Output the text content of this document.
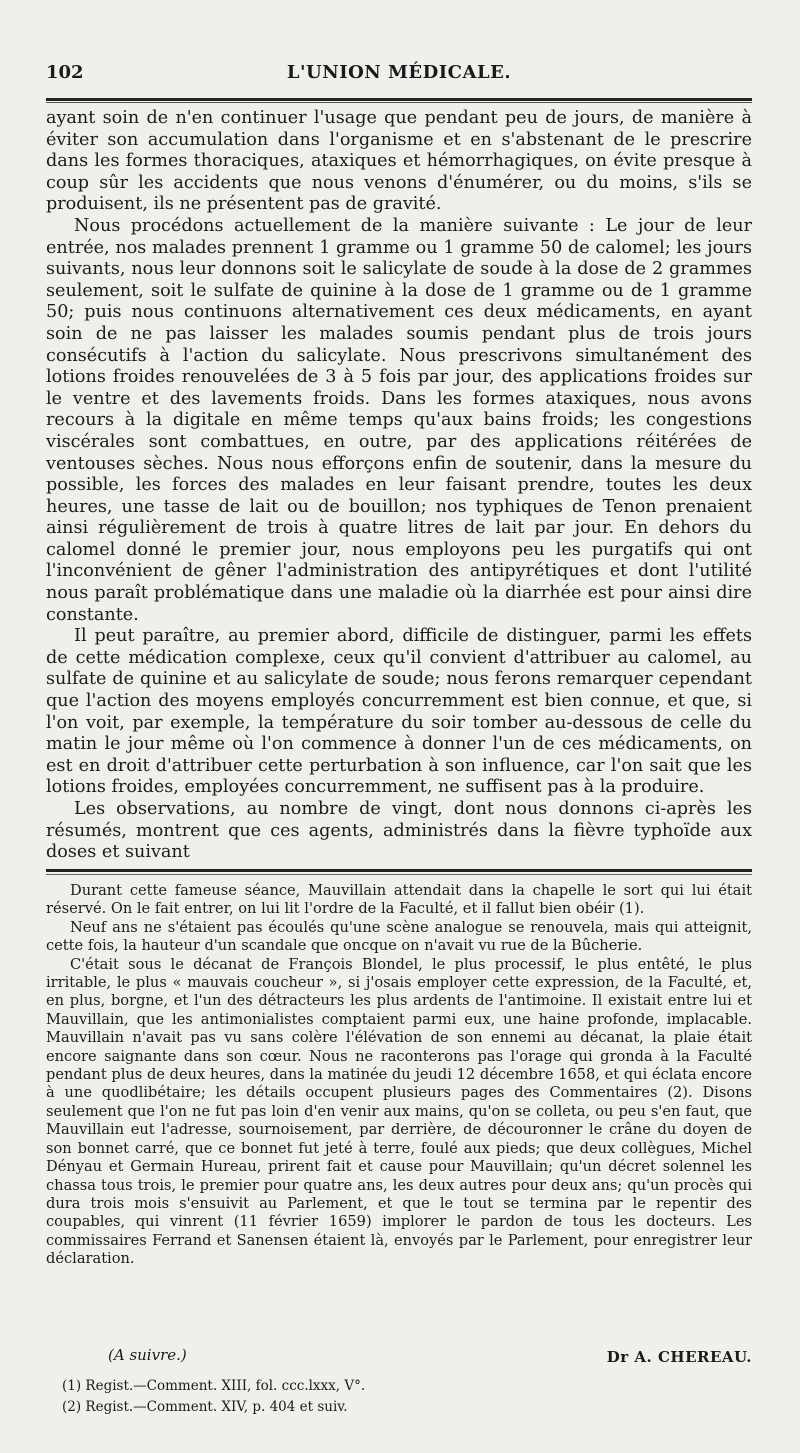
102	L'UNION MÉDICALE.

ayant soin de n'en continuer l'usage que pendant peu de jours, de manière à éviter son accumulation dans l'organisme et en s'abstenant de le prescrire dans les formes thoraciques, ataxiques et hémorrhagiques, on évite presque à coup sûr les accidents que nous venons d'énumérer, ou du moins, s'ils se produisent, ils ne présentent pas de gravité.

Nous procédons actuellement de la manière suivante : Le jour de leur entrée, nos malades prennent 1 gramme ou 1 gramme 50 de calomel; les jours suivants, nous leur donnons soit le salicylate de soude à la dose de 2 grammes seulement, soit le sulfate de quinine à la dose de 1 gramme ou de 1 gramme 50; puis nous continuons alternativement ces deux médicaments, en ayant soin de ne pas laisser les malades soumis pendant plus de trois jours consécutifs à l'action du salicylate. Nous prescrivons simultanément des lotions froides renouvelées de 3 à 5 fois par jour, des applications froides sur le ventre et des lavements froids. Dans les formes ataxiques, nous avons recours à la digitale en même temps qu'aux bains froids; les congestions viscérales sont combattues, en outre, par des applications réitérées de ventouses sèches. Nous nous efforçons enfin de soutenir, dans la mesure du possible, les forces des malades en leur faisant prendre, toutes les deux heures, une tasse de lait ou de bouillon; nos typhiques de Tenon prenaient ainsi régulièrement de trois à quatre litres de lait par jour. En dehors du calomel donné le premier jour, nous employons peu les purgatifs qui ont l'inconvénient de gêner l'administration des antipyrétiques et dont l'utilité nous paraît problématique dans une maladie où la diarrhée est pour ainsi dire constante.

Il peut paraître, au premier abord, difficile de distinguer, parmi les effets de cette médication complexe, ceux qu'il convient d'attribuer au calomel, au sulfate de quinine et au salicylate de soude; nous ferons remarquer cependant que l'action des moyens employés concurremment est bien connue, et que, si l'on voit, par exemple, la température du soir tomber au-dessous de celle du matin le jour même où l'on commence à donner l'un de ces médicaments, on est en droit d'attribuer cette perturbation à son influence, car l'on sait que les lotions froides, employées concurremment, ne suffisent pas à la produire.

Les observations, au nombre de vingt, dont nous donnons ci-après les résumés, montrent que ces agents, administrés dans la fièvre typhoïde aux doses et suivant

Durant cette fameuse séance, Mauvillain attendait dans la chapelle le sort qui lui était réservé. On le fait entrer, on lui lit l'ordre de la Faculté, et il fallut bien obéir (1).

Neuf ans ne s'étaient pas écoulés qu'une scène analogue se renouvela, mais qui atteignit, cette fois, la hauteur d'un scandale que oncque on n'avait vu rue de la Bûcherie.

C'était sous le décanat de François Blondel, le plus processif, le plus entêté, le plus irritable, le plus « mauvais coucheur », si j'osais employer cette expression, de la Faculté, et, en plus, borgne, et l'un des détracteurs les plus ardents de l'antimoine. Il existait entre lui et Mauvillain, que les antimonialistes comptaient parmi eux, une haine profonde, implacable. Mauvillain n'avait pas vu sans colère l'élévation de son ennemi au décanat, la plaie était encore saignante dans son cœur. Nous ne raconterons pas l'orage qui gronda à la Faculté pendant plus de deux heures, dans la matinée du jeudi 12 décembre 1658, et qui éclata encore à une quodlibétaire; les détails occupent plusieurs pages des Commentaires (2). Disons seulement que l'on ne fut pas loin d'en venir aux mains, qu'on se colleta, ou peu s'en faut, que Mauvillain eut l'adresse, sournoisement, par derrière, de découronner le crâne du doyen de son bonnet carré, que ce bonnet fut jeté à terre, foulé aux pieds; que deux collègues, Michel Dényau et Germain Hureau, prirent fait et cause pour Mauvillain; qu'un décret solennel les chassa tous trois, le premier pour quatre ans, les deux autres pour deux ans; qu'un procès qui dura trois mois s'ensuivit au Parlement, et que le tout se termina par le repentir des coupables, qui vinrent (11 février 1659) implorer le pardon de tous les docteurs. Les commissaires Ferrand et Sanensen étaient là, envoyés par le Parlement, pour enregistrer leur déclaration.

(A suivre.)	Dr A. CHEREAU.
(1) Regist.—Comment. XIII, fol. ccc.lxxx, V°.
(2) Regist.—Comment. XIV, p. 404 et suiv.
